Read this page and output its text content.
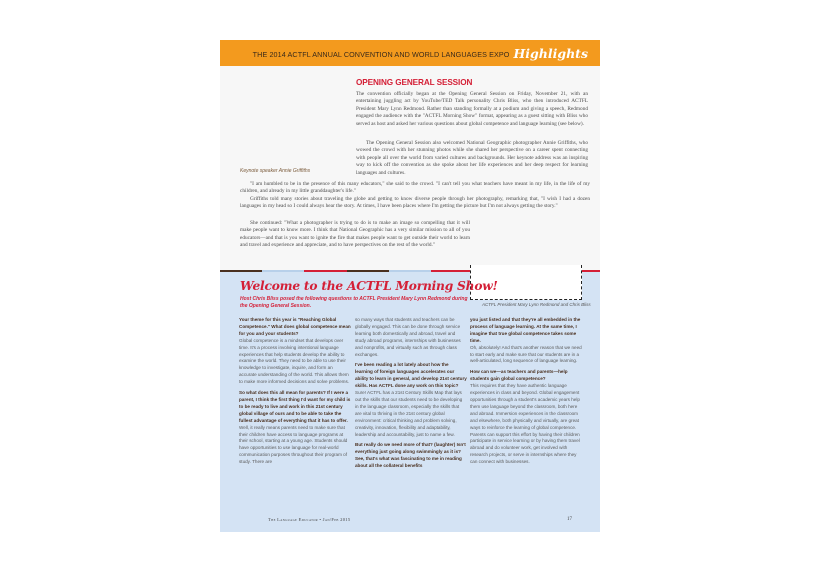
THE 2014 ACTFL ANNUAL CONVENTION AND WORLD LANGUAGES EXPO Highlights
OPENING GENERAL SESSION
The convention officially began at the Opening General Session on Friday, November 21, with an entertaining juggling act by YouTube/TED Talk personality Chris Bliss, who then introduced ACTFL President Mary Lynn Redmond. Rather than standing formally at a podium and giving a speech, Redmond engaged the audience with the "ACTFL Morning Show" format, appearing as a guest sitting with Bliss who served as host and asked her various questions about global competence and language learning (see below).
The Opening General Session also welcomed National Geographic photographer Annie Griffiths, who wowed the crowd with her stunning photos while she shared her perspective on a career spent connecting with people all over the world from varied cultures and backgrounds. Her keynote address was an inspiring way to kick off the convention as she spoke about her life experiences and her deep respect for learning languages and cultures.
Keynote speaker Annie Griffiths
"I am humbled to be in the presence of this many educators," she said to the crowd. "I can't tell you what teachers have meant in my life, in the life of my children, and already in my little granddaughter's life."
Griffiths told many stories about traveling the globe and getting to know diverse people through her photography, remarking that, "I wish I had a dozen languages in my head so I could always hear the story. At times, I have been places where I'm getting the picture but I'm not always getting the story."
She continued: "What a photographer is trying to do is to make an image so compelling that it will make people want to know more. I think that National Geographic has a very similar mission to all of you educators—and that is you want to ignite the fire that makes people want to get outside their world to learn and travel and experience and appreciate, and to have perspectives on the rest of the world."
ACTFL President Mary Lynn Redmond and Chris Bliss
Welcome to the ACTFL Morning Show!
Host Chris Bliss posed the following questions to ACTFL President Mary Lynn Redmond during the Opening General Session.
Your theme for this year is "Reaching Global Competence." What does global competence mean for you and your students?
Global competence is a mindset that develops over time. It's a process involving intentional language experiences that help students develop the ability to examine the world. They need to be able to use their knowledge to investigate, inquire, and form an accurate understanding of the world. This allows them to make more informed decisions and solve problems.
So what does this all mean for parents? If I were a parent, I think the first thing I'd want for my child is to be ready to live and work in this 21st century global village of ours and to be able to take the fullest advantage of everything that it has to offer.
Well, it really means parents need to make sure that their children have access to language programs at their school, starting at a young age. Students should have opportunities to use language for real-world communication purposes throughout their program of study. There are
so many ways that students and teachers can be globally engaged. This can be done through service learning both domestically and abroad, travel and study abroad programs, internships with businesses and nonprofits, and virtually such as through class exchanges.
I've been reading a lot lately about how the learning of foreign languages accelerates our ability to learn in general, and develop 21st century skills. Has ACTFL done any work on this topic?
Sure! ACTFL has a 21st Century Skills Map that lays out the skills that our students need to be developing in the language classroom, especially the skills that are vital to thriving in the 21st century global environment: critical thinking and problem solving, creativity, innovation, flexibility and adaptability, leadership and accountability, just to name a few.
But really do we need more of that? (laughter) Isn't everything just going along swimmingly as it is? See, that's what was fascinating to me in reading about all the collateral benefits
you just listed and that they're all embedded in the process of language learning. At the same time, I imagine that true global competence takes some time.
Oh, absolutely! And that's another reason that we need to start early and make sure that our students are in a well-articulated, long sequence of language learning.
How can we—as teachers and parents—help students gain global competence?
This requires that they have authentic language experiences in class and beyond. Global engagement opportunities through a student's academic years help them use language beyond the classroom, both here and abroad. Immersion experiences in the classroom and elsewhere, both physically and virtually, are great ways to reinforce the learning of global competence. Parents can support this effort by having their children participate in service learning or by having them travel abroad and do volunteer work, get involved with research projects, or serve in internships where they can connect with businesses.
The Language Educator • Jan/Feb 2015	17
